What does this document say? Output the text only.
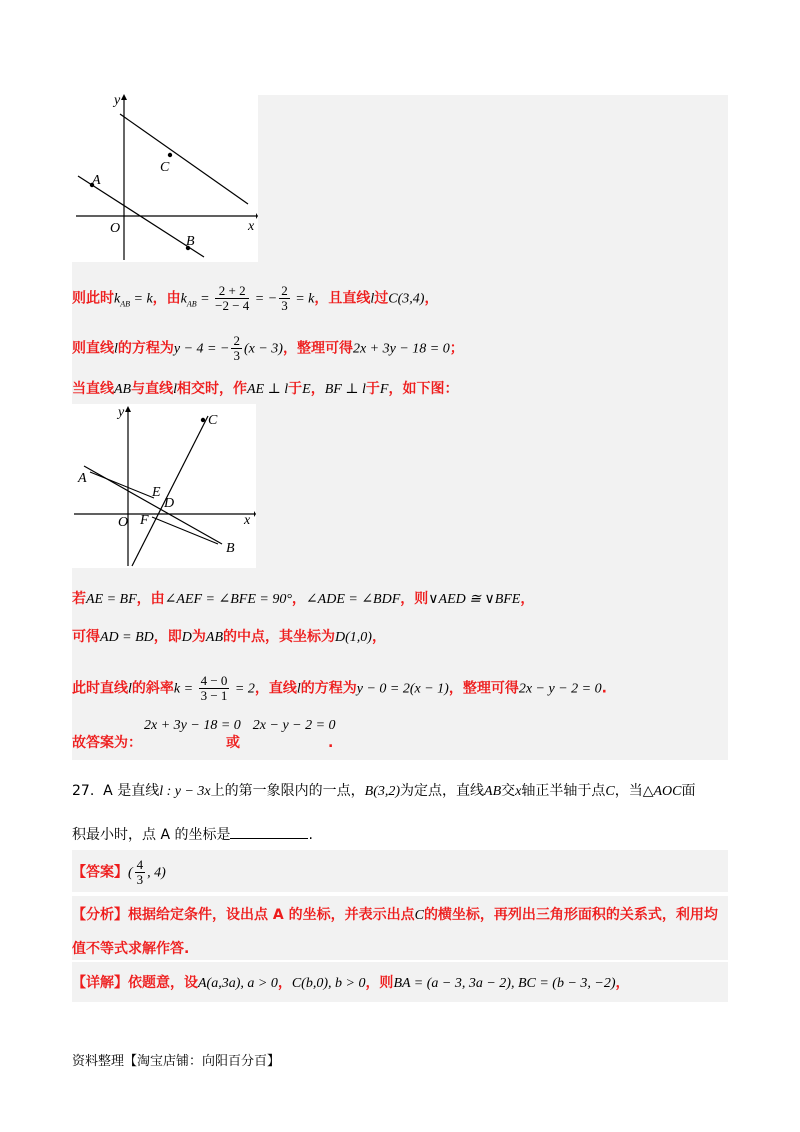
y
x
O
C
A
B
则此时$k_{AB} = k$，由$k_{AB} = \frac{2 + 2}{-2 - 4}$ = − $\frac{2}{3} = k$，且直线l过C(3,4)，
则直线l的方程为y − 4 = − $\frac{2}{3} (x - 3)$，整理可得2x + 3y − 18 = 0；
当直线AB与直线l相交时，作AE ⊥ l于E，BF ⊥ l于F，如下图：
y
x
O
C
A
B
D
E
F
若AE = BF，由∠AEF = ∠BFE = 90°，∠ADE = ∠BDF，则∨AED ≅ ∨BFE，
可得AD = BD，即D为AB的中点，其坐标为D(1,0)，
此时直线l的斜率$k = \frac{4 - 0}{3 - 1} = 2$，直线l的方程为y − 0 = 2(x − 1)，整理可得2x − y − 2 = 0.
2x + 3y − 18 = 0 2x − y − 2 = 0
故答案为：	或	.
27. A 是直线l : y − 3x上的第一象限内的一点，B(3,2)为定点，直线AB交x轴正半轴于点C，当△AOC面
积最小时，点 A 的坐标是	.
【答案】( $\frac{4}{3}$ , 4)
【分析】根据给定条件，设出点 A 的坐标，并表示出点C的横坐标，再列出三角形面积的关系式，利用均
值不等式求解作答.
【详解】依题意，设A(a,3a), a > 0，C(b,0), b > 0，则BA = (a − 3, 3a − 2), BC = (b − 3, −2)，
资料整理【淘宝店铺：向阳百分百】
